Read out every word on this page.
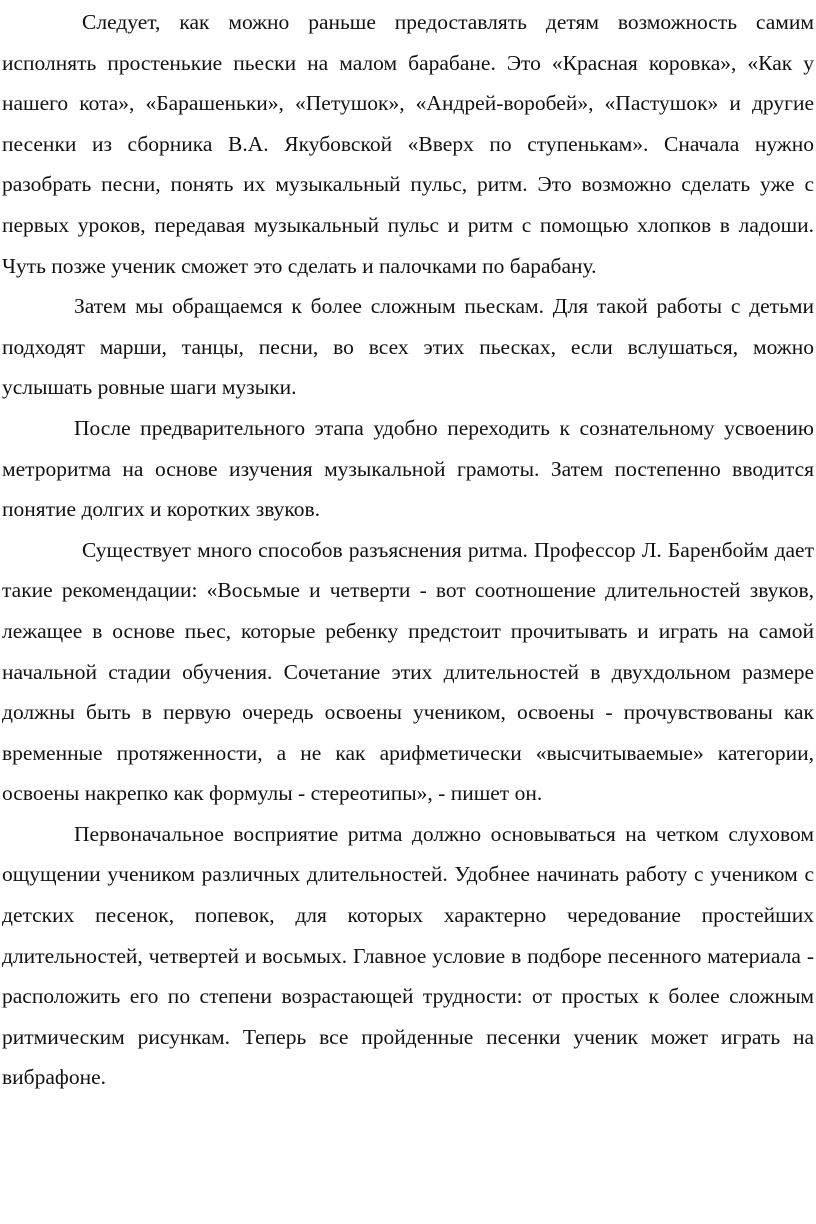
Следует, как можно раньше предоставлять детям возможность самим исполнять простенькие пьески на малом барабане. Это «Красная коровка», «Как у нашего кота», «Барашеньки», «Петушок», «Андрей-воробей», «Пастушок» и другие песенки из сборника В.А. Якубовской «Вверх по ступенькам». Сначала нужно разобрать песни, понять их музыкальный пульс, ритм. Это возможно сделать уже с первых уроков, передавая музыкальный пульс и ритм с помощью хлопков в ладоши. Чуть позже ученик сможет это сделать и палочками по барабану.

Затем мы обращаемся к более сложным пьескам. Для такой работы с детьми подходят марши, танцы, песни, во всех этих пьесках, если вслушаться, можно услышать ровные шаги музыки.

После предварительного этапа удобно переходить к сознательному усвоению метроритма на основе изучения музыкальной грамоты. Затем постепенно вводится понятие долгих и коротких звуков.

Существует много способов разъяснения ритма. Профессор Л. Баренбойм дает такие рекомендации: «Восьмые и четверти - вот соотношение длительностей звуков, лежащее в основе пьес, которые ребенку предстоит прочитывать и играть на самой начальной стадии обучения. Сочетание этих длительностей в двухдольном размере должны быть в первую очередь освоены учеником, освоены - прочувствованы как временные протяженности, а не как арифметически «высчитываемые» категории, освоены накрепко как формулы - стереотипы», - пишет он.

Первоначальное восприятие ритма должно основываться на четком слуховом ощущении учеником различных длительностей. Удобнее начинать работу с учеником с детских песенок, попевок, для которых характерно чередование простейших длительностей, четвертей и восьмых. Главное условие в подборе песенного материала - расположить его по степени возрастающей трудности: от простых к более сложным ритмическим рисункам. Теперь все пройденные песенки ученик может играть на вибрафоне.
